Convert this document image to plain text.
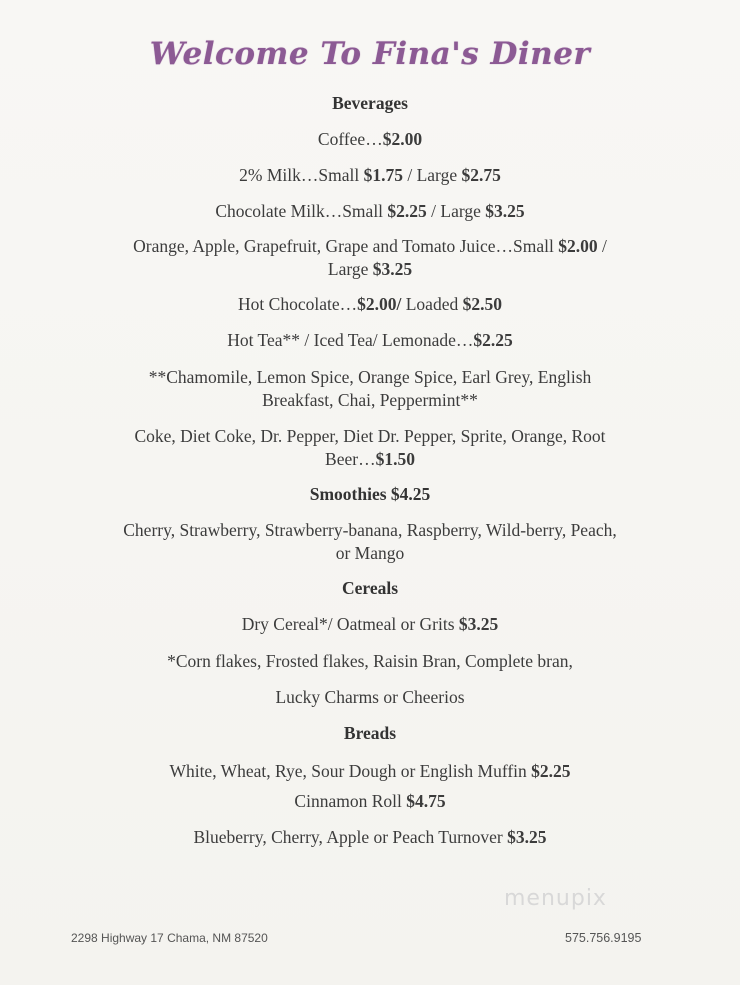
Welcome To Fina's Diner
Beverages
Coffee…$2.00
2% Milk…Small $1.75 / Large $2.75
Chocolate Milk…Small $2.25 / Large $3.25
Orange, Apple, Grapefruit, Grape and Tomato Juice…Small $2.00 /
Large $3.25
Hot Chocolate…$2.00/ Loaded $2.50
Hot Tea** / Iced Tea/ Lemonade…$2.25
**Chamomile, Lemon Spice, Orange Spice, Earl Grey, English
Breakfast, Chai, Peppermint**
Coke, Diet Coke, Dr. Pepper, Diet Dr. Pepper, Sprite, Orange, Root
Beer…$1.50
Smoothies $4.25
Cherry, Strawberry, Strawberry-banana, Raspberry, Wild-berry, Peach,
or Mango
Cereals
Dry Cereal*/ Oatmeal or Grits $3.25
*Corn flakes, Frosted flakes, Raisin Bran, Complete bran,
Lucky Charms or Cheerios
Breads
White, Wheat, Rye, Sour Dough or English Muffin $2.25
Cinnamon Roll $4.75
Blueberry, Cherry, Apple or Peach Turnover $3.25
menupix
2298 Highway 17 Chama, NM 87520	575.756.9195
